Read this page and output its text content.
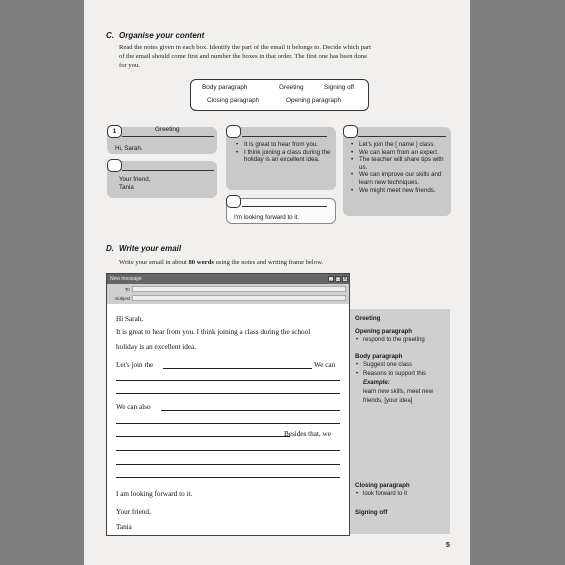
C. Organise your content
Read the notes given in each box. Identify the part of the email it belongs to. Decide which part
of the email should come first and number the boxes in that order. The first one has been done
for you.
Body paragraph	Greeting	Signing off
Closing paragraph	Opening paragraph
Hi, Sarah.
Greeting
1
Your friend,
Tania
• It is great to hear from you.
• I think joining a class during the holiday is an excellent idea.
I'm looking forward to it.
• Let's join the [ name ] class.
• We can learn from an expert.
• The teacher will share tips with us.
• We can improve our skills and learn new techniques.
• We might meet new friends.
D. Write your email
Write your email in about 80 words using the notes and writing frame below.
New message	_ □ X
To
Subject
Hi Sarah,
It is great to hear from you. I think joining a class during the school
holiday is an excellent idea.
Let's join the	We can
We can also
Besides that, we
I am looking forward to it.
Your friend,
Tania
Greeting
Opening paragraph
• respond to the greeting
Body paragraph
• Suggest one class
• Reasons to support this
Example:
learn new skills, meet new
friends, [your idea]
Closing paragraph
• look forward to it
Signing off
5
